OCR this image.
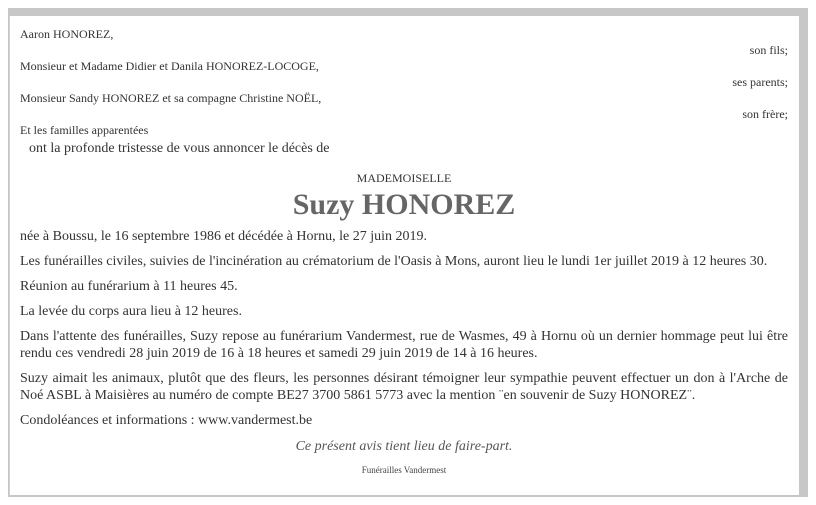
Aaron HONOREZ,

son fils;

Monsieur et Madame Didier et Danila HONOREZ-LOCOGE,

ses parents;

Monsieur Sandy HONOREZ et sa compagne Christine NOËL,

son frère;

Et les familles apparentées

ont la profonde tristesse de vous annoncer le décès de

MADEMOISELLE
Suzy HONOREZ

née à Boussu, le 16 septembre 1986 et décédée à Hornu, le 27 juin 2019.

Les funérailles civiles, suivies de l'incinération au crématorium de l'Oasis à Mons, auront lieu le lundi 1er juillet 2019 à 12 heures 30.

Réunion au funérarium à 11 heures 45.

La levée du corps aura lieu à 12 heures.

Dans l'attente des funérailles, Suzy repose au funérarium Vandermest, rue de Wasmes, 49 à Hornu où un dernier hommage peut lui être rendu ces vendredi 28 juin 2019 de 16 à 18 heures et samedi 29 juin 2019 de 14 à 16 heures.

Suzy aimait les animaux, plutôt que des fleurs, les personnes désirant témoigner leur sympathie peuvent effectuer un don à l'Arche de Noé ASBL à Maisières au numéro de compte BE27 3700 5861 5773 avec la mention ¨en souvenir de Suzy HONOREZ¨.

Condoléances et informations : www.vandermest.be

Ce présent avis tient lieu de faire-part.
Funérailles Vandermest
